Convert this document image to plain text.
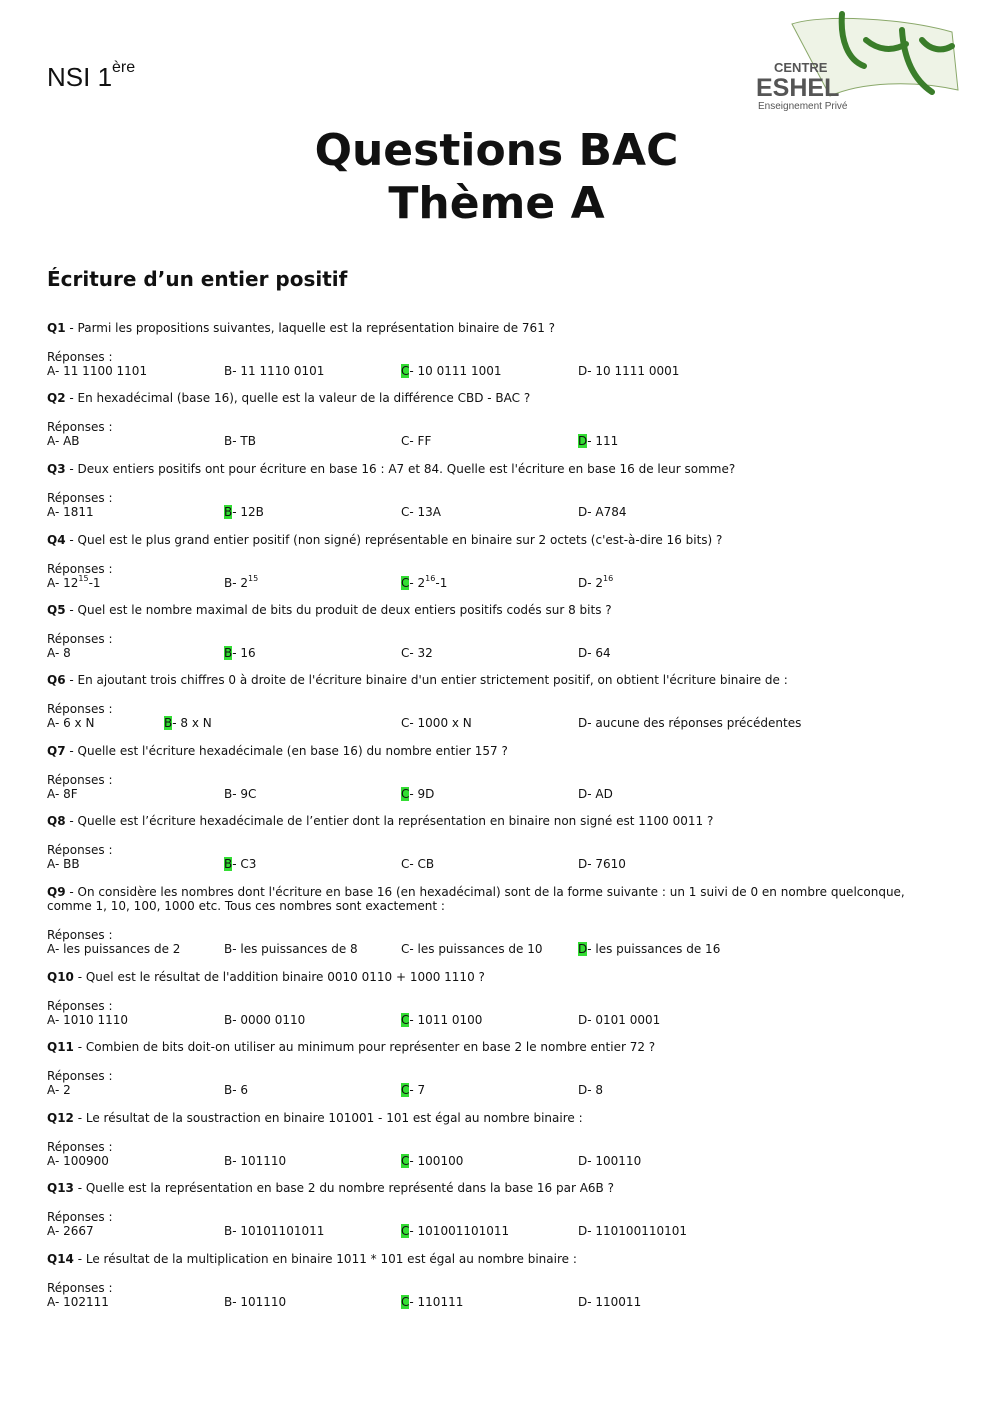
NSI 1ère	CENTRE
ESHEL
Enseignement Privé
Questions BAC
Thème A
Écriture d’un entier positif
Q1 - Parmi les propositions suivantes, laquelle est la représentation binaire de 761 ?
Réponses :
A- 11 1100 1101	B- 11 1110 0101	C- 10 0111 1001	D- 10 1111 0001
Q2 - En hexadécimal (base 16), quelle est la valeur de la différence CBD - BAC ?
Réponses :
A- AB	B- TB	C- FF	D- 111
Q3 - Deux entiers positifs ont pour écriture en base 16 : A7 et 84. Quelle est l'écriture en base 16 de leur somme?
Réponses :
A- 1811	B- 12B	C- 13A	D- A784
Q4 - Quel est le plus grand entier positif (non signé) représentable en binaire sur 2 octets (c'est-à-dire 16 bits) ?
Réponses :
A- $12^{15}-1$	B- $2^{15}$	C- $2^{16}-1$	D- $2^{16}$
Q5 - Quel est le nombre maximal de bits du produit de deux entiers positifs codés sur 8 bits ?
Réponses :
A- 8	B- 16	C- 32	D- 64
Q6 - En ajoutant trois chiffres 0 à droite de l'écriture binaire d'un entier strictement positif, on obtient l'écriture binaire de :
Réponses :
A- 6 x N	B- 8 x N	C- 1000 x N	D- aucune des réponses précédentes
Q7 - Quelle est l'écriture hexadécimale (en base 16) du nombre entier 157 ?
Réponses :
A- 8F	B- 9C	C- 9D	D- AD
Q8 - Quelle est l’écriture hexadécimale de l’entier dont la représentation en binaire non signé est 1100 0011 ?
Réponses :
A- BB	B- C3	C- CB	D- 7610
Q9 - On considère les nombres dont l'écriture en base 16 (en hexadécimal) sont de la forme suivante : un 1 suivi de 0 en nombre quelconque, comme 1, 10, 100, 1000 etc. Tous ces nombres sont exactement :
Réponses :
A- les puissances de 2	B- les puissances de 8	C- les puissances de 10	D- les puissances de 16
Q10 - Quel est le résultat de l'addition binaire 0010 0110 + 1000 1110 ?
Réponses :
A- 1010 1110	B- 0000 0110	C- 1011 0100	D- 0101 0001
Q11 - Combien de bits doit-on utiliser au minimum pour représenter en base 2 le nombre entier 72 ?
Réponses :
A- 2	B- 6	C- 7	D- 8
Q12 - Le résultat de la soustraction en binaire 101001 - 101 est égal au nombre binaire :
Réponses :
A- 100900	B- 101110	C- 100100	D- 100110
Q13 - Quelle est la représentation en base 2 du nombre représenté dans la base 16 par A6B ?
Réponses :
A- 2667	B- 10101101011	C- 101001101011	D- 110100110101
Q14 - Le résultat de la multiplication en binaire 1011 * 101 est égal au nombre binaire :
Réponses :
A- 102111	B- 101110	C- 110111	D- 110011
